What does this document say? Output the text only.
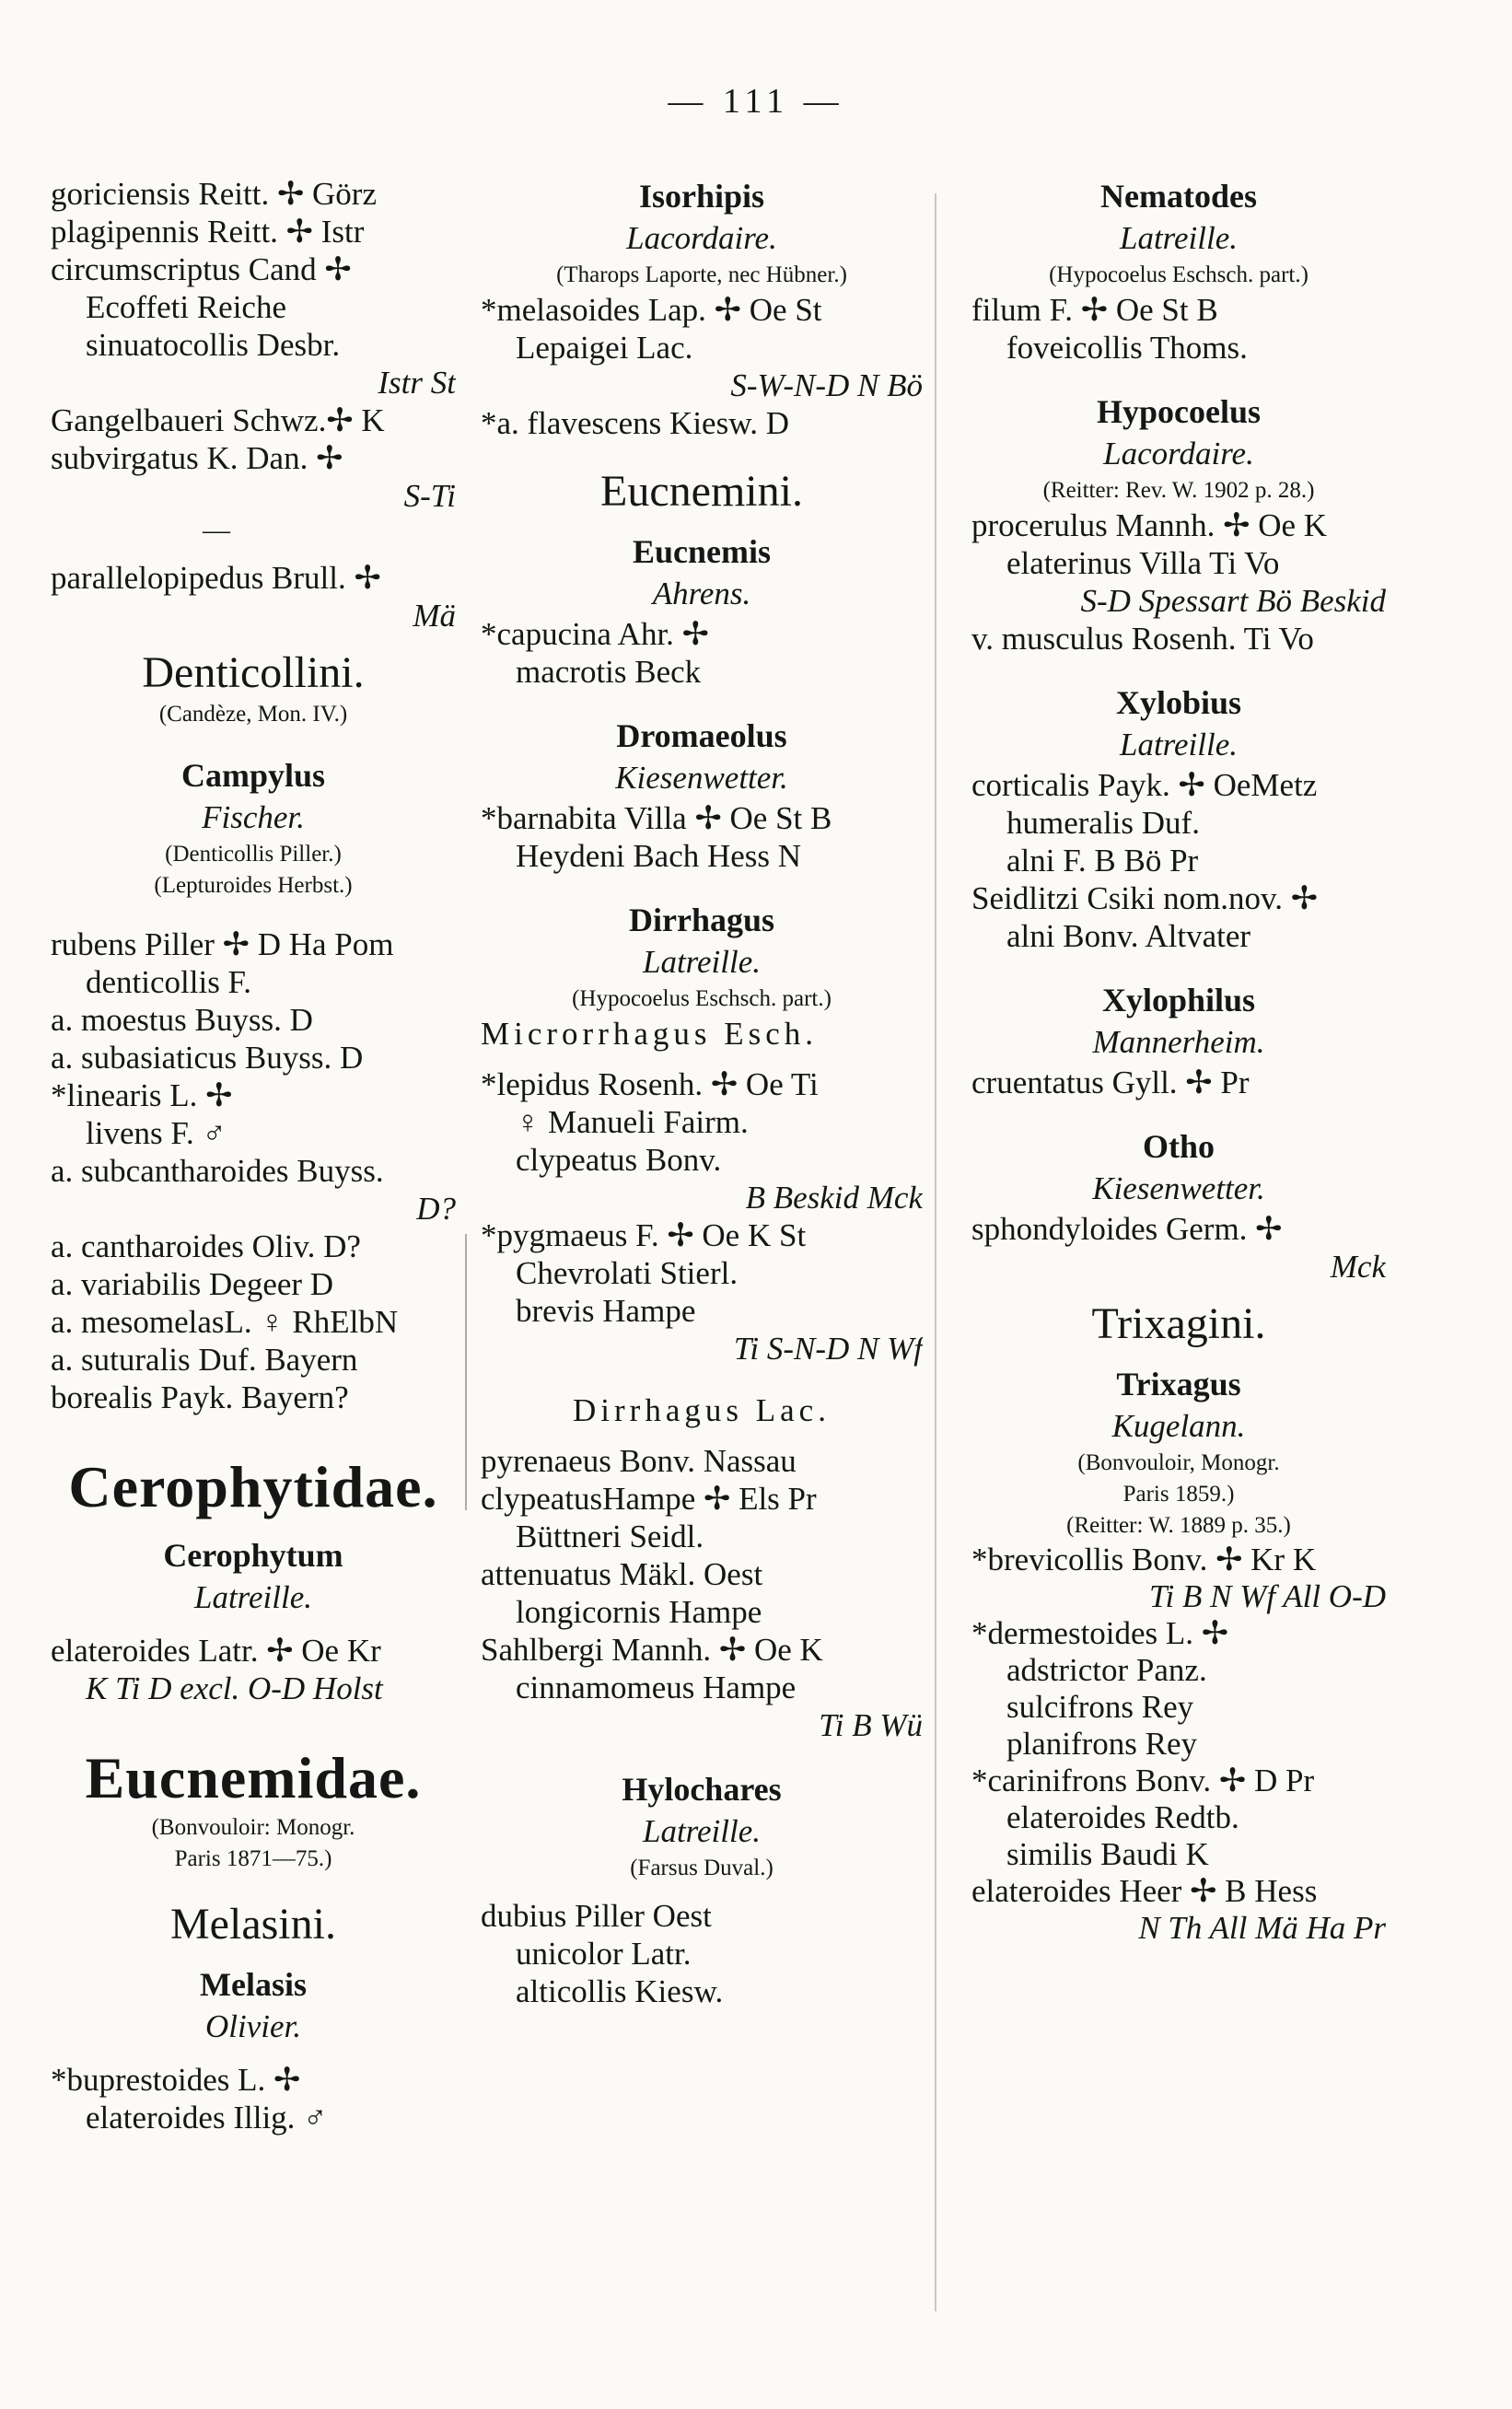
— 111 —
goriciensis Reitt. ✢ Görz
plagipennis Reitt. ✢ Istr
circumscriptus Cand ✢
Ecoffeti Reiche
sinuatocollis Desbr.
Istr St
Gangelbaueri Schwz.✢ K
subvirgatus K. Dan. ✢
S-Ti
—
parallelopipedus Brull. ✢
Mä
Denticollini.
(Candèze, Mon. IV.)
Campylus
Fischer.
(Denticollis Piller.)
(Lepturoides Herbst.)
rubens Piller ✢ D Ha Pom
denticollis F.
a. moestus Buyss. D
a. subasiaticus Buyss. D
*linearis L. ✢
livens F. ♂
a. subcantharoides Buyss.
D?
a. cantharoides Oliv. D?
a. variabilis Degeer D
a. mesomelasL. ♀ RhElbN
a. suturalis Duf. Bayern
borealis Payk. Bayern?
Cerophytidae.
Cerophytum
Latreille.
elateroides Latr. ✢ Oe Kr
K Ti D excl. O-D Holst
Eucnemidae.
(Bonvouloir: Monogr.
Paris 1871—75.)
Melasini.
Melasis
Olivier.
*buprestoides L. ✢
elateroides Illig. ♂
Isorhipis
Lacordaire.
(Tharops Laporte, nec Hübner.)
*melasoides Lap. ✢ Oe St
Lepaigei Lac.
S-W-N-D N Bö
*a. flavescens Kiesw. D
Eucnemini.
Eucnemis
Ahrens.
*capucina Ahr. ✢
macrotis Beck
Dromaeolus
Kiesenwetter.
*barnabita Villa ✢ Oe St B
Heydeni Bach Hess N
Dirrhagus
Latreille.
(Hypocoelus Eschsch. part.)
Microrrhagus Esch.
*lepidus Rosenh. ✢ Oe Ti
♀ Manueli Fairm.
clypeatus Bonv.
B Beskid Mck
*pygmaeus F. ✢ Oe K St
Chevrolati Stierl.
brevis Hampe
Ti S-N-D N Wf
Dirrhagus Lac.
pyrenaeus Bonv. Nassau
clypeatusHampe ✢ Els Pr
Büttneri Seidl.
attenuatus Mäkl. Oest
longicornis Hampe
Sahlbergi Mannh. ✢ Oe K
cinnamomeus Hampe
Ti B Wü
Hylochares
Latreille.
(Farsus Duval.)
dubius Piller Oest
unicolor Latr.
alticollis Kiesw.
Nematodes
Latreille.
(Hypocoelus Eschsch. part.)
filum F. ✢ Oe St B
foveicollis Thoms.
Hypocoelus
Lacordaire.
(Reitter: Rev. W. 1902 p. 28.)
procerulus Mannh. ✢ Oe K
elaterinus Villa Ti Vo
S-D Spessart Bö Beskid
v. musculus Rosenh. Ti Vo
Xylobius
Latreille.
corticalis Payk. ✢ OeMetz
humeralis Duf.
alni F. B Bö Pr
Seidlitzi Csiki nom.nov. ✢
alni Bonv. Altvater
Xylophilus
Mannerheim.
cruentatus Gyll. ✢ Pr
Otho
Kiesenwetter.
sphondyloides Germ. ✢
Mck
Trixagini.
Trixagus
Kugelann.
(Bonvouloir, Monogr.
Paris 1859.)
(Reitter: W. 1889 p. 35.)
*brevicollis Bonv. ✢ Kr K
Ti B N Wf All O-D
*dermestoides L. ✢
adstrictor Panz.
sulcifrons Rey
planifrons Rey
*carinifrons Bonv. ✢ D Pr
elateroides Redtb.
similis Baudi K
elateroides Heer ✢ B Hess
N Th All Mä Ha Pr
